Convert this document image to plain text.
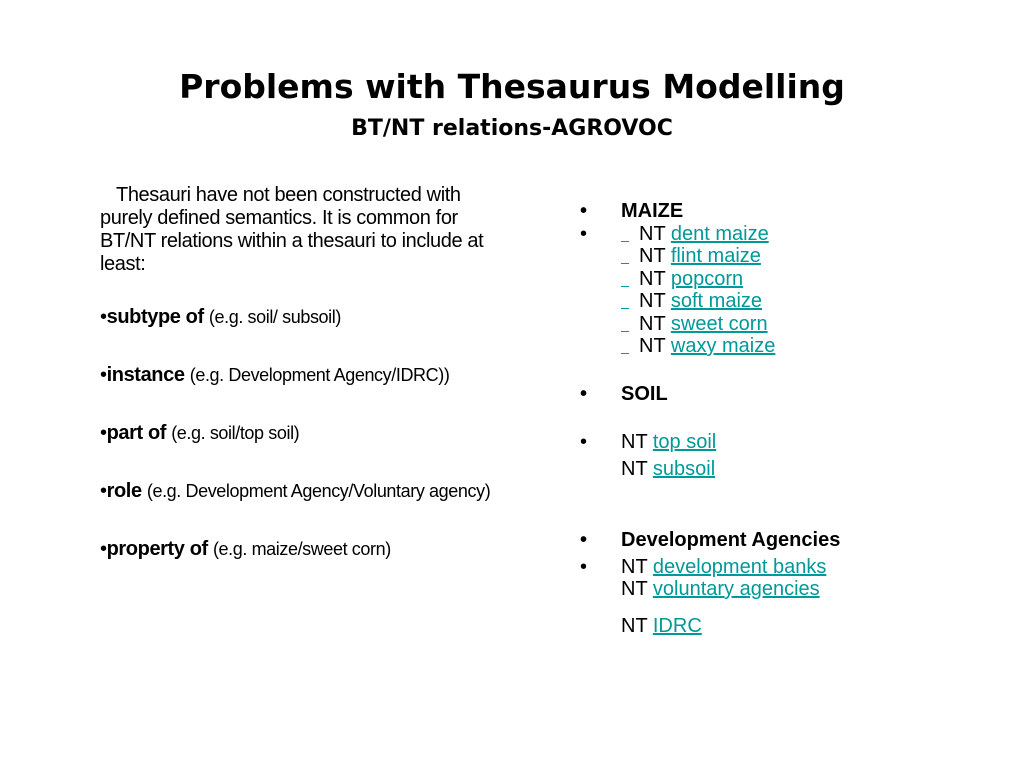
Problems with Thesaurus Modelling
BT/NT relations-AGROVOC

Thesauri have not been constructed with purely defined semantics. It is common for BT/NT relations within a thesauri to include at least:

•subtype of (e.g. soil/ subsoil)
•instance (e.g. Development Agency/IDRC))
•part of (e.g. soil/top soil)
•role (e.g. Development Agency/Voluntary agency)
•property of (e.g. maize/sweet corn)
• MAIZE
•	NT dent maize
NT flint maize
NT popcorn
NT soft maize
NT sweet corn
NT waxy maize
• SOIL
• NT top soil
NT subsoil
• Development Agencies
• NT development banks
NT voluntary agencies
NT IDRC
